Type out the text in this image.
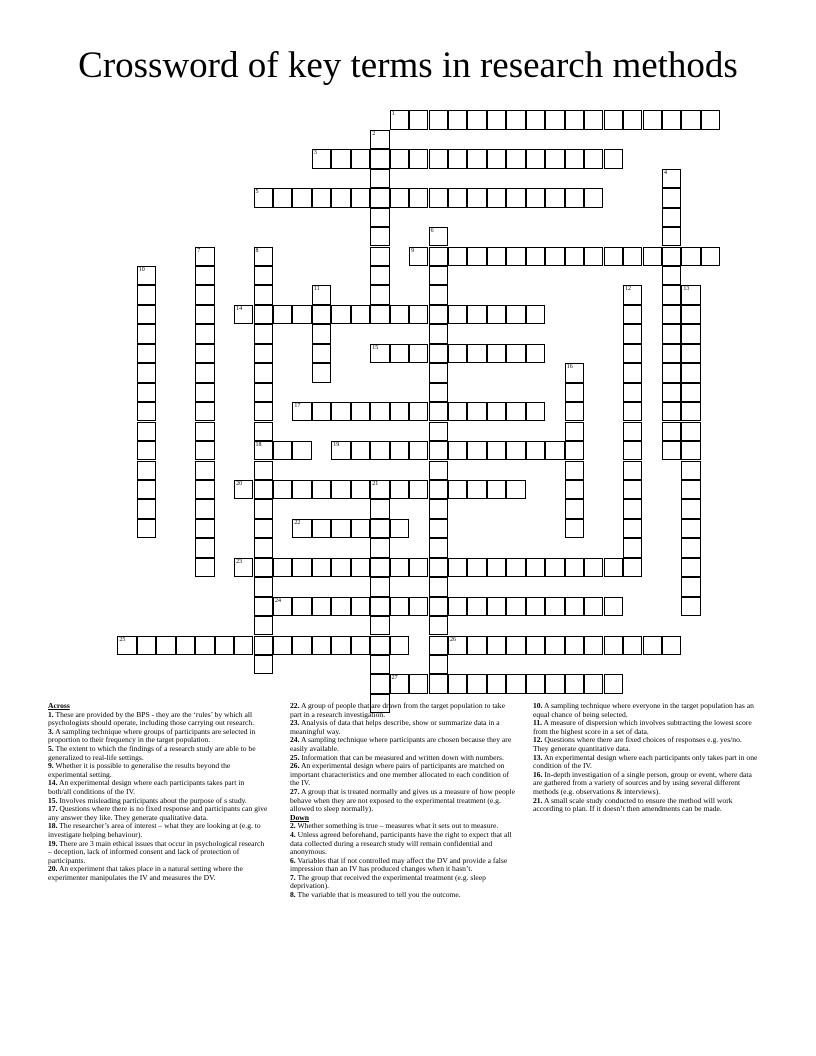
Crossword of key terms in research methods
1
2
3
4
5
6
7	8
18
9
10
11	12	13
14
15
16
17
19
20	21
22
23
24
25	26
27

Across

1. These are provided by the BPS - they are the ‘rules’ by which all psychologists should operate, including those carrying out research.

3. A sampling technique where groups of participants are selected in proportion to their frequency in the target population.

5. The extent to which the findings of a research study are able to be generalized to real-life settings.

9. Whether it is possible to generalise the results beyond the experimental setting.

14. An experimental design where each participants takes part in both/all conditions of the IV.

15. Involves misleading participants about the purpose of s study.

17. Questions where there is no fixed response and participants can give any answer they like. They generate qualitative data.

18. The researcher’s area of interest – what they are looking at (e.g. to investigate helping behaviour).

19. There are 3 main ethical issues that occur in psychological research – deception, lack of informed consent and lack of protection of participants.

20. An experiment that takes place in a natural setting where the experimenter manipulates the IV and measures the DV.

22. A group of people that are drawn from the target population to take part in a research investigation.

23. Analysis of data that helps describe, show or summarize data in a meaningful way.

24. A sampling technique where participants are chosen because they are easily available.

25. Information that can be measured and written down with numbers.

26. An experimental design where pairs of participants are matched on important characteristics and one member allocated to each condition of the IV.

27. A group that is treated normally and gives us a measure of how people behave when they are not exposed to the experimental treatment (e.g. allowed to sleep normally).

Down

2. Whether something is true – measures what it sets out to measure.

4. Unless agreed beforehand, participants have the right to expect that all data collected during a research study will remain confidential and anonymous.

6. Variables that if not controlled may affect the DV and provide a false impression than an IV has produced changes when it hasn’t.

7. The group that received the experimental treatment (e.g. sleep deprivation).

8. The variable that is measured to tell you the outcome.

10. A sampling technique where everyone in the target population has an equal chance of being selected.

11. A measure of dispersion which involves subtracting the lowest score from the highest score in a set of data.

12. Questions where there are fixed choices of responses e.g. yes/no. They generate quantitative data.

13. An experimental design where each participants only takes part in one condition of the IV.

16. In-depth investigation of a single person, group or event, where data are gathered from a variety of sources and by using several different methods (e.g. observations & interviews).

21. A small scale study conducted to ensure the method will work according to plan. If it doesn’t then amendments can be made.
